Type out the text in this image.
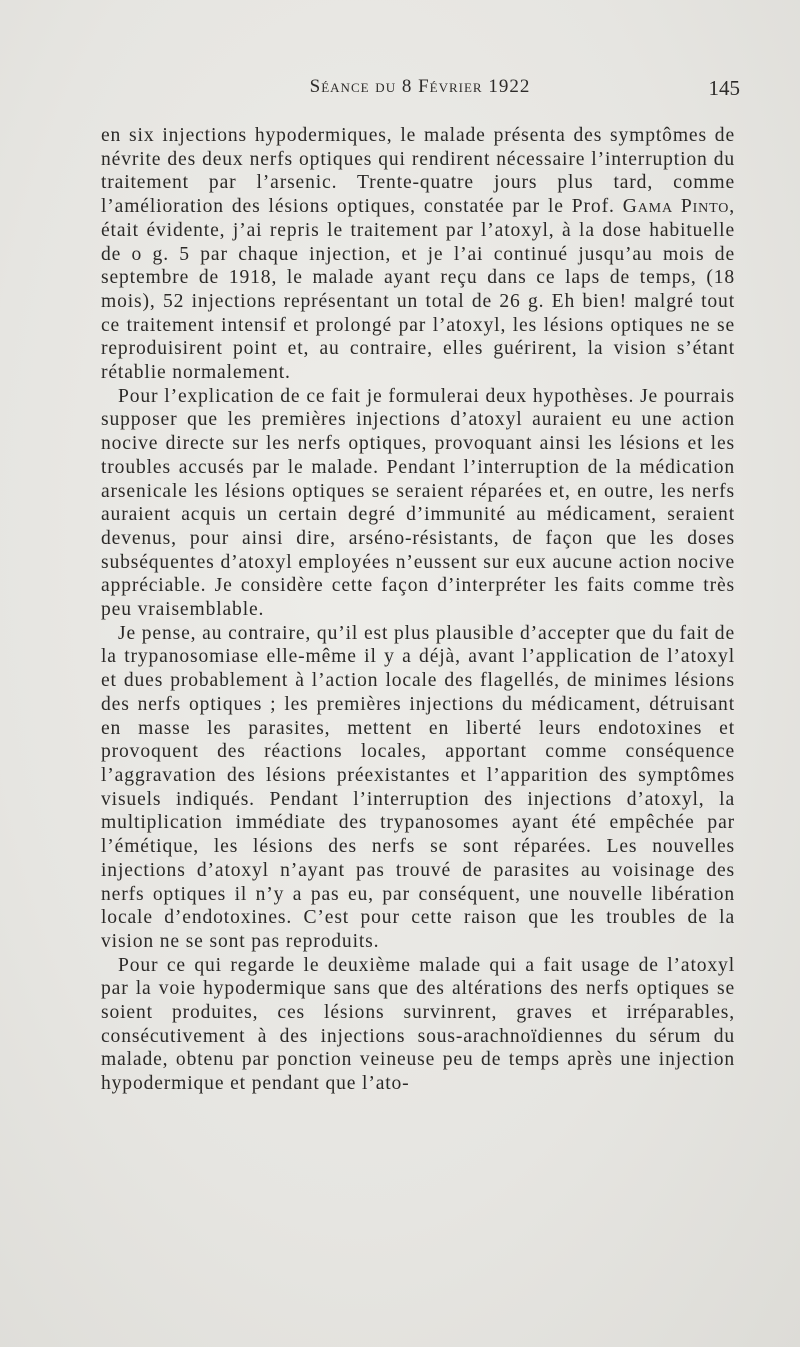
Séance du 8 Février 1922	145

en six injections hypodermiques, le malade présenta des symptômes de névrite des deux nerfs optiques qui rendirent nécessaire l’interruption du traitement par l’arsenic. Trente-quatre jours plus tard, comme l’amélioration des lésions optiques, constatée par le Prof. Gama Pinto, était évidente, j’ai repris le traitement par l’atoxyl, à la dose habituelle de o g. 5 par chaque injection, et je l’ai continué jusqu’au mois de septembre de 1918, le malade ayant reçu dans ce laps de temps, (18 mois), 52 injections représentant un total de 26 g. Eh bien! malgré tout ce traitement intensif et prolongé par l’atoxyl, les lésions optiques ne se reproduisirent point et, au contraire, elles guérirent, la vision s’étant rétablie normalement.

Pour l’explication de ce fait je formulerai deux hypothèses. Je pourrais supposer que les premières injections d’atoxyl auraient eu une action nocive directe sur les nerfs optiques, provoquant ainsi les lésions et les troubles accusés par le malade. Pendant l’interruption de la médication arsenicale les lésions optiques se seraient réparées et, en outre, les nerfs auraient acquis un certain degré d’immunité au médicament, seraient devenus, pour ainsi dire, arséno-résistants, de façon que les doses subséquentes d’atoxyl employées n’eussent sur eux aucune action nocive appréciable. Je considère cette façon d’interpréter les faits comme très peu vraisemblable.

Je pense, au contraire, qu’il est plus plausible d’accepter que du fait de la trypanosomiase elle-même il y a déjà, avant l’application de l’atoxyl et dues probablement à l’action locale des flagellés, de minimes lésions des nerfs optiques ; les premières injections du médicament, détruisant en masse les parasites, mettent en liberté leurs endotoxines et provoquent des réactions locales, apportant comme conséquence l’aggravation des lésions préexistantes et l’apparition des symptômes visuels indiqués. Pendant l’interruption des injections d’atoxyl, la multiplication immédiate des trypanosomes ayant été empêchée par l’émétique, les lésions des nerfs se sont réparées. Les nouvelles injections d’atoxyl n’ayant pas trouvé de parasites au voisinage des nerfs optiques il n’y a pas eu, par conséquent, une nouvelle libération locale d’endotoxines. C’est pour cette raison que les troubles de la vision ne se sont pas reproduits.

Pour ce qui regarde le deuxième malade qui a fait usage de l’atoxyl par la voie hypodermique sans que des altérations des nerfs optiques se soient produites, ces lésions survinrent, graves et irréparables, consécutivement à des injections sous-arachnoïdiennes du sérum du malade, obtenu par ponction veineuse peu de temps après une injection hypodermique et pendant que l’ato-
